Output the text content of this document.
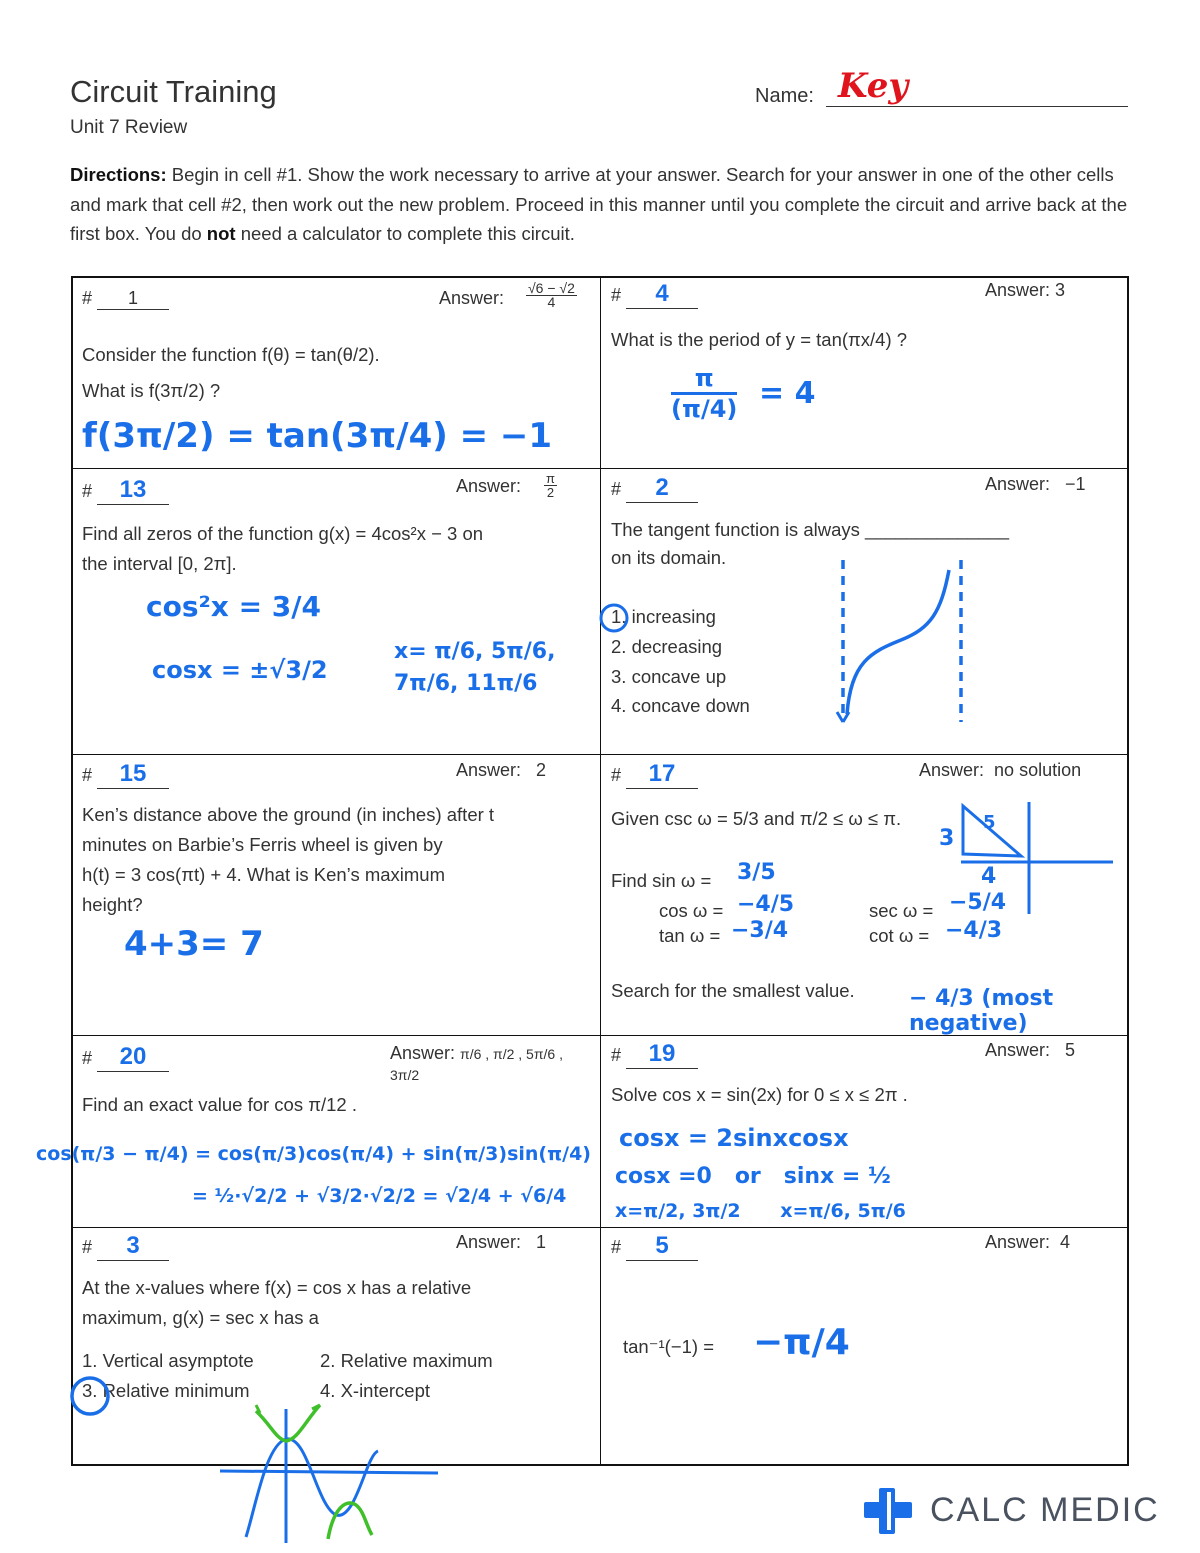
Circuit Training
Unit 7 Review
Name: Key
Directions: Begin in cell #1. Show the work necessary to arrive at your answer. Search for your answer in one of the other cells and mark that cell #2, then work out the new problem. Proceed in this manner until you complete the circuit and arrive back at the first box. You do not need a calculator to complete this circuit.
# 1	Answer: $\frac{√6 - √2}{4}$
Consider the function f(θ) = tan(θ/2).
What is f(3π/2) ?
f(3π/2) = tan(3π/4) = −1
# 4	Answer: 3
What is the period of y = tan(πx/4) ?
$\frac{\pi}{(\pi/4)} = 4$
# 13	Answer: $\frac{\pi}{2}$
Find all zeros of the function g(x) = 4cos²x − 3 on
the interval [0, 2π].
cos²x = 3/4
cosx = ±√3/2
x= π/6, 5π/6, 7π/6, 11π/6
# 2	Answer: −1
The tangent function is always ______________
on its domain.
1. increasing
2. decreasing
3. concave up
4. concave down
# 15	Answer: 2
Ken’s distance above the ground (in inches) after t
minutes on Barbie’s Ferris wheel is given by
h(t) = 3 cos(πt) + 4. What is Ken’s maximum
height?
4+3= 7
# 17	Answer: no solution
Given csc ω = 5/3 and π/2 ≤ ω ≤ π.
3
5
4
Find sin ω = 3/5
cos ω = −4/5
tan ω = −3/4
sec ω = −5/4
cot ω = −4/3
Search for the smallest value. − 4/3 (most negative)
# 20	Answer: π/6 , π/2 , 5π/6 , 3π/2
Find an exact value for cos π/12 .
cos(π/3 − π/4) = cos(π/3)cos(π/4) + sin(π/3)sin(π/4)
= ½·√2/2 + √3/2·√2/2 = √2/4 + √6/4
# 19	Answer: 5
Solve cos x = sin(2x) for 0 ≤ x ≤ 2π .
cosx = 2sinxcosx
cosx =0   or   sinx = ½
x=π/2, 3π/2      x=π/6, 5π/6
# 3	Answer: 1
At the x-values where f(x) = cos x has a relative
maximum, g(x) = sec x has a
1. Vertical asymptote	2. Relative maximum
3. Relative minimum	4. X-intercept
# 5	Answer: 4
tan⁻¹(−1) = −π/4
CALC MEDIC
